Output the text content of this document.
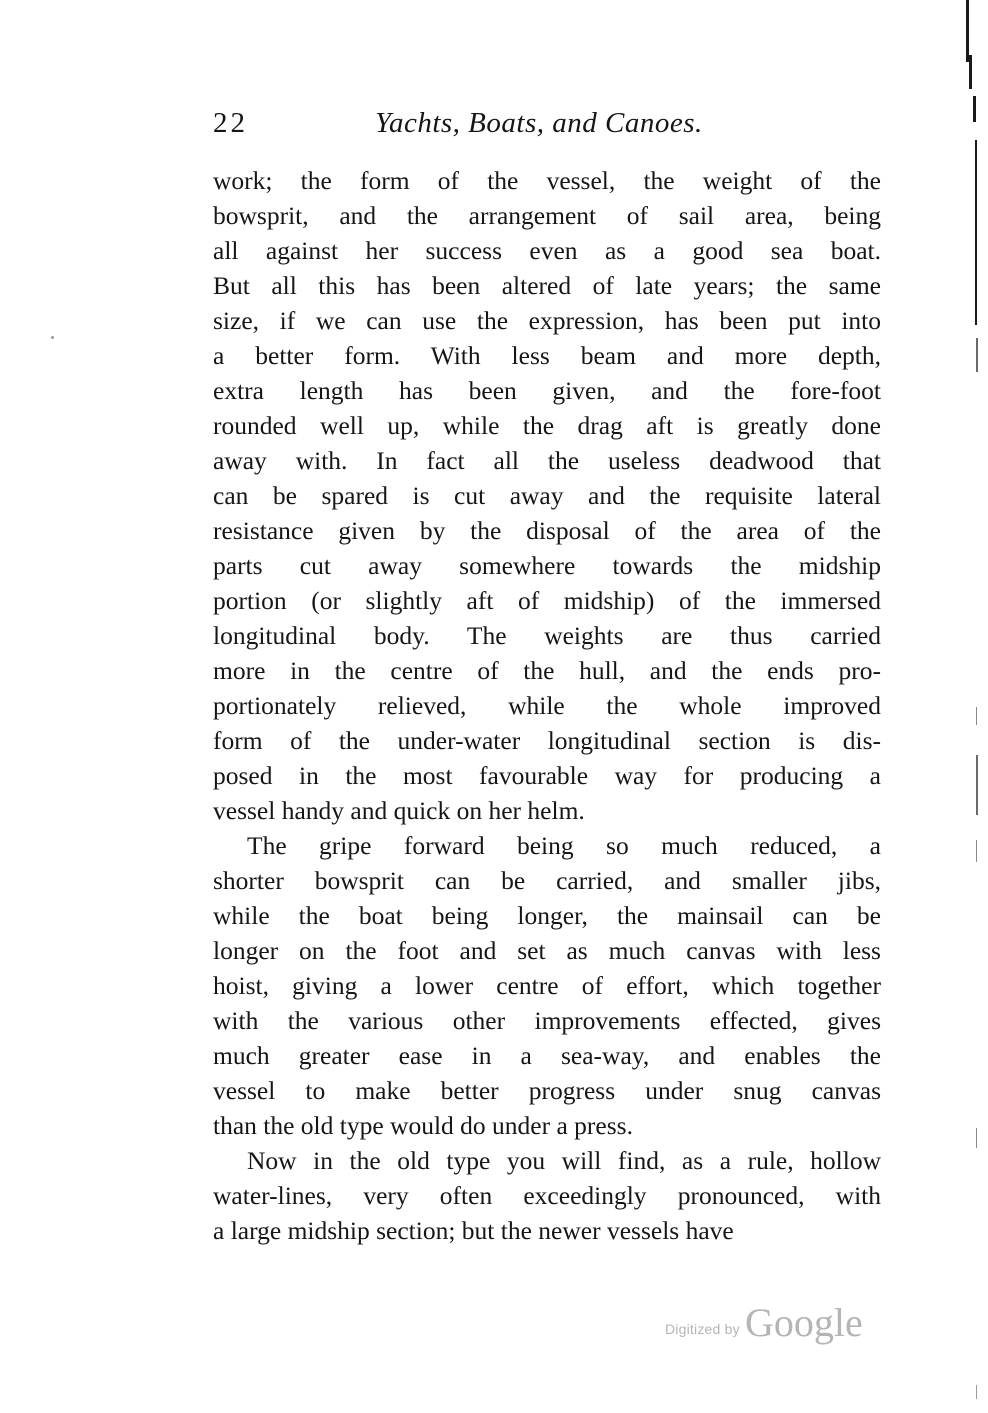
22	Yachts, Boats, and Canoes.
work; the form of the vessel, the weight of the
bowsprit, and the arrangement of sail area, being
all against her success even as a good sea boat.
But all this has been altered of late years; the same
size, if we can use the expression, has been put into
a better form. With less beam and more depth,
extra length has been given, and the fore-foot
rounded well up, while the drag aft is greatly done
away with. In fact all the useless deadwood that
can be spared is cut away and the requisite lateral
resistance given by the disposal of the area of the
parts cut away somewhere towards the midship
portion (or slightly aft of midship) of the immersed
longitudinal body. The weights are thus carried
more in the centre of the hull, and the ends pro-
portionately relieved, while the whole improved
form of the under-water longitudinal section is dis-
posed in the most favourable way for producing a
vessel handy and quick on her helm.
The gripe forward being so much reduced, a
shorter bowsprit can be carried, and smaller jibs,
while the boat being longer, the mainsail can be
longer on the foot and set as much canvas with less
hoist, giving a lower centre of effort, which together
with the various other improvements effected, gives
much greater ease in a sea-way, and enables the
vessel to make better progress under snug canvas
than the old type would do under a press.
Now in the old type you will find, as a rule, hollow
water-lines, very often exceedingly pronounced, with
a large midship section; but the newer vessels have
Digitized by Google
